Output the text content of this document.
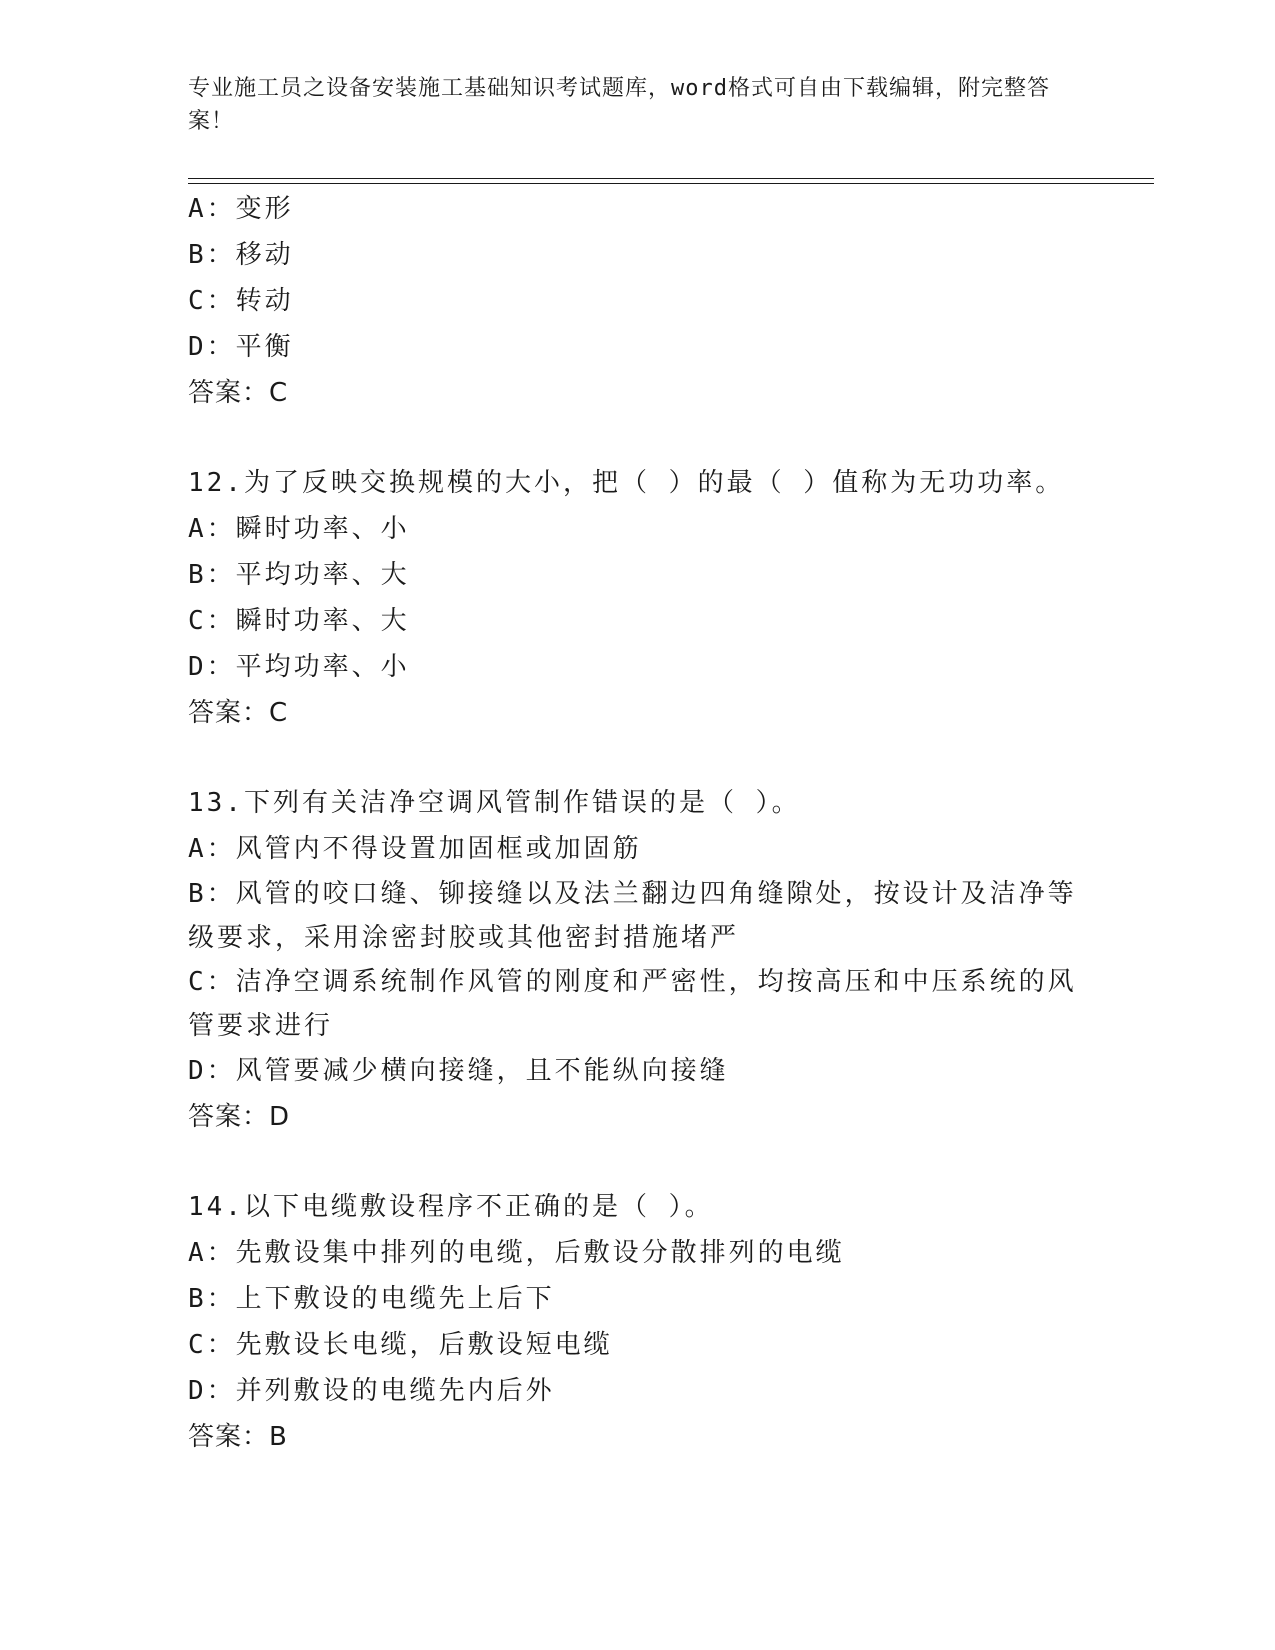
专业施工员之设备安装施工基础知识考试题库，word格式可自由下载编辑，附完整答案！

A：变形

B：移动

C：转动

D：平衡

答案：C

12.为了反映交换规模的大小，把（ ）的最（ ）值称为无功功率。

A：瞬时功率、小

B：平均功率、大

C：瞬时功率、大

D：平均功率、小

答案：C

13.下列有关洁净空调风管制作错误的是（ ）。

A：风管内不得设置加固框或加固筋

B：风管的咬口缝、铆接缝以及法兰翻边四角缝隙处，按设计及洁净等级要求，采用涂密封胶或其他密封措施堵严

C：洁净空调系统制作风管的刚度和严密性，均按高压和中压系统的风管要求进行

D：风管要减少横向接缝，且不能纵向接缝

答案：D

14.以下电缆敷设程序不正确的是（ ）。

A：先敷设集中排列的电缆，后敷设分散排列的电缆

B：上下敷设的电缆先上后下

C：先敷设长电缆，后敷设短电缆

D：并列敷设的电缆先内后外

答案：B
